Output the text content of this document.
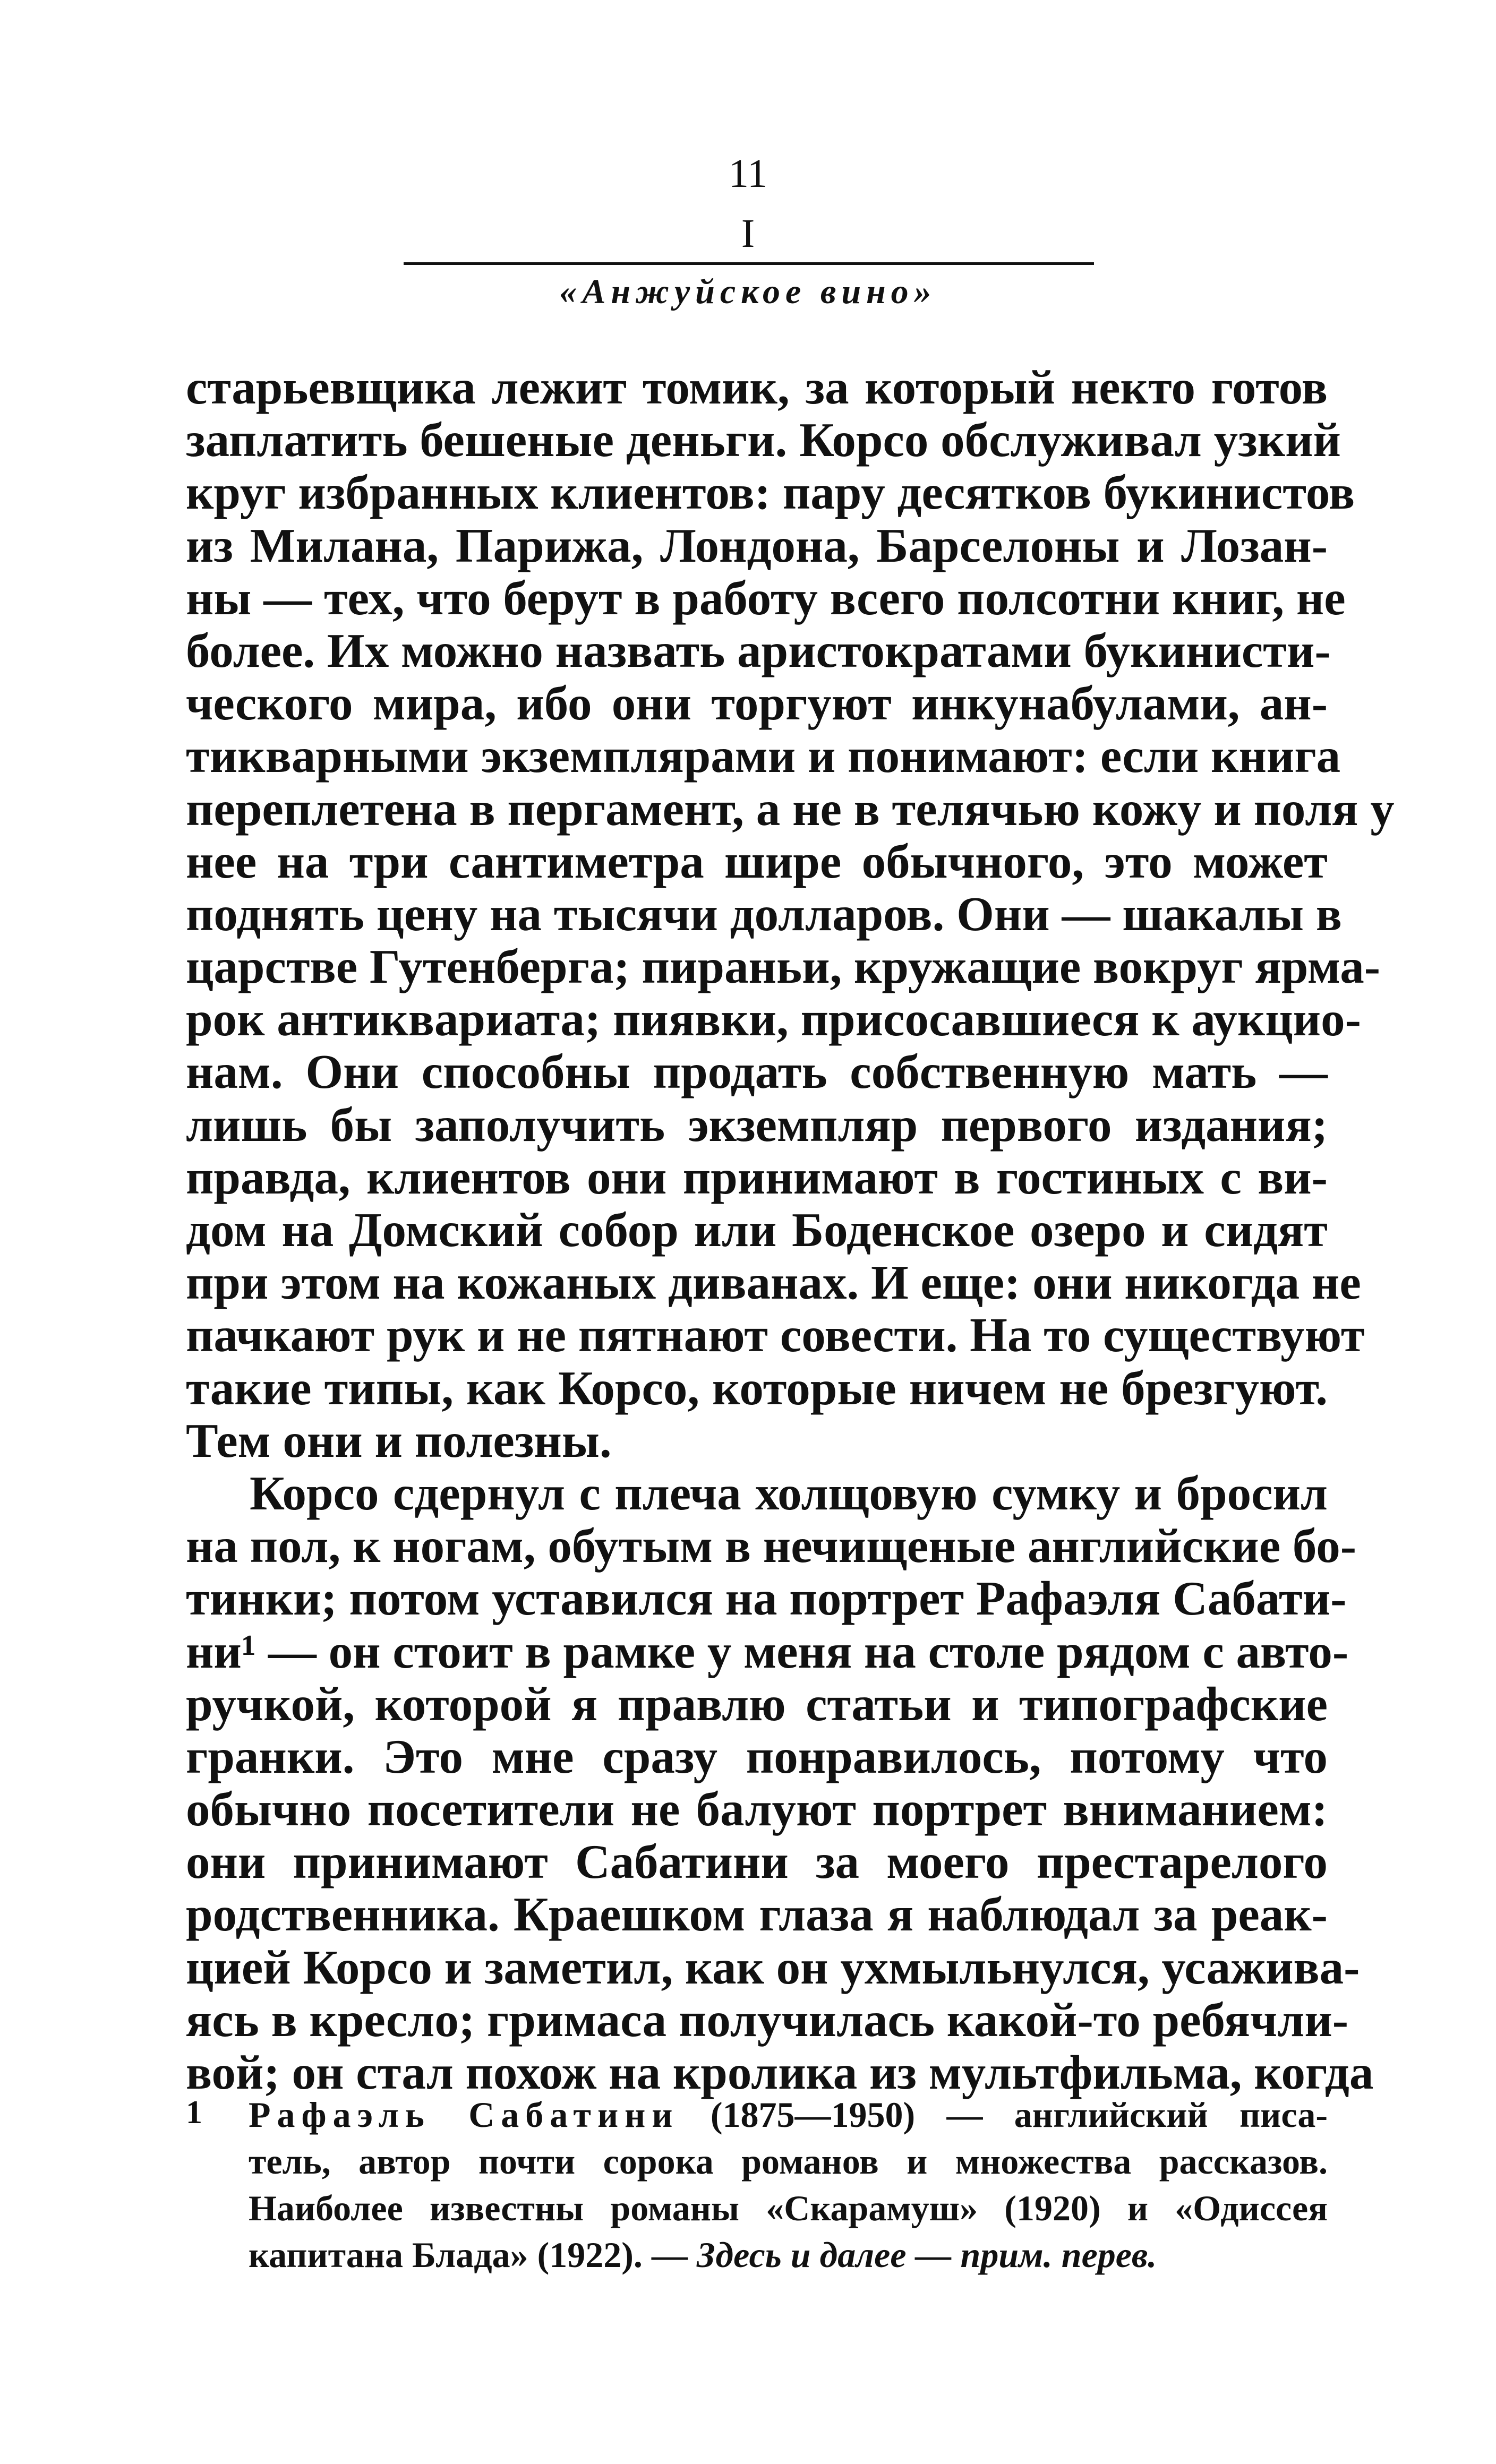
11
I
«Анжуйское вино»
старьевщика лежит томик, за который некто готов
заплатить бешеные деньги. Корсо обслуживал узкий
круг избранных клиентов: пару десятков букинистов
из Милана, Парижа, Лондона, Барселоны и Лозан-
ны — тех, что берут в работу всего полсотни книг, не
более. Их можно назвать аристократами букинисти-
ческого мира, ибо они торгуют инкунабулами, ан-
тикварными экземплярами и понимают: если книга
переплетена в пергамент, а не в телячью кожу и поля у
нее на три сантиметра шире обычного, это может
поднять цену на тысячи долларов. Они — шакалы в
царстве Гутенберга; пираньи, кружащие вокруг ярма-
рок антиквариата; пиявки, присосавшиеся к аукцио-
нам. Они способны продать собственную мать —
лишь бы заполучить экземпляр первого издания;
правда, клиентов они принимают в гостиных с ви-
дом на Домский собор или Боденское озеро и сидят
при этом на кожаных диванах. И еще: они никогда не
пачкают рук и не пятнают совести. На то существуют
такие типы, как Корсо, которые ничем не брезгуют.
Тем они и полезны.
Корсо сдернул с плеча холщовую сумку и бросил
на пол, к ногам, обутым в нечищеные английские бо-
тинки; потом уставился на портрет Рафаэля Сабати-
ни¹ — он стоит в рамке у меня на столе рядом с авто-
ручкой, которой я правлю статьи и типографские
гранки. Это мне сразу понравилось, потому что
обычно посетители не балуют портрет вниманием:
они принимают Сабатини за моего престарелого
родственника. Краешком глаза я наблюдал за реак-
цией Корсо и заметил, как он ухмыльнулся, усажива-
ясь в кресло; гримаса получилась какой-то ребячли-
вой; он стал похож на кролика из мультфильма, когда
1 Рафаэль Сабатини (1875—1950) — английский писа-
тель, автор почти сорока романов и множества рассказов.
Наиболее известны романы «Скарамуш» (1920) и «Одиссея
капитана Блада» (1922). — Здесь и далее — прим. перев.
